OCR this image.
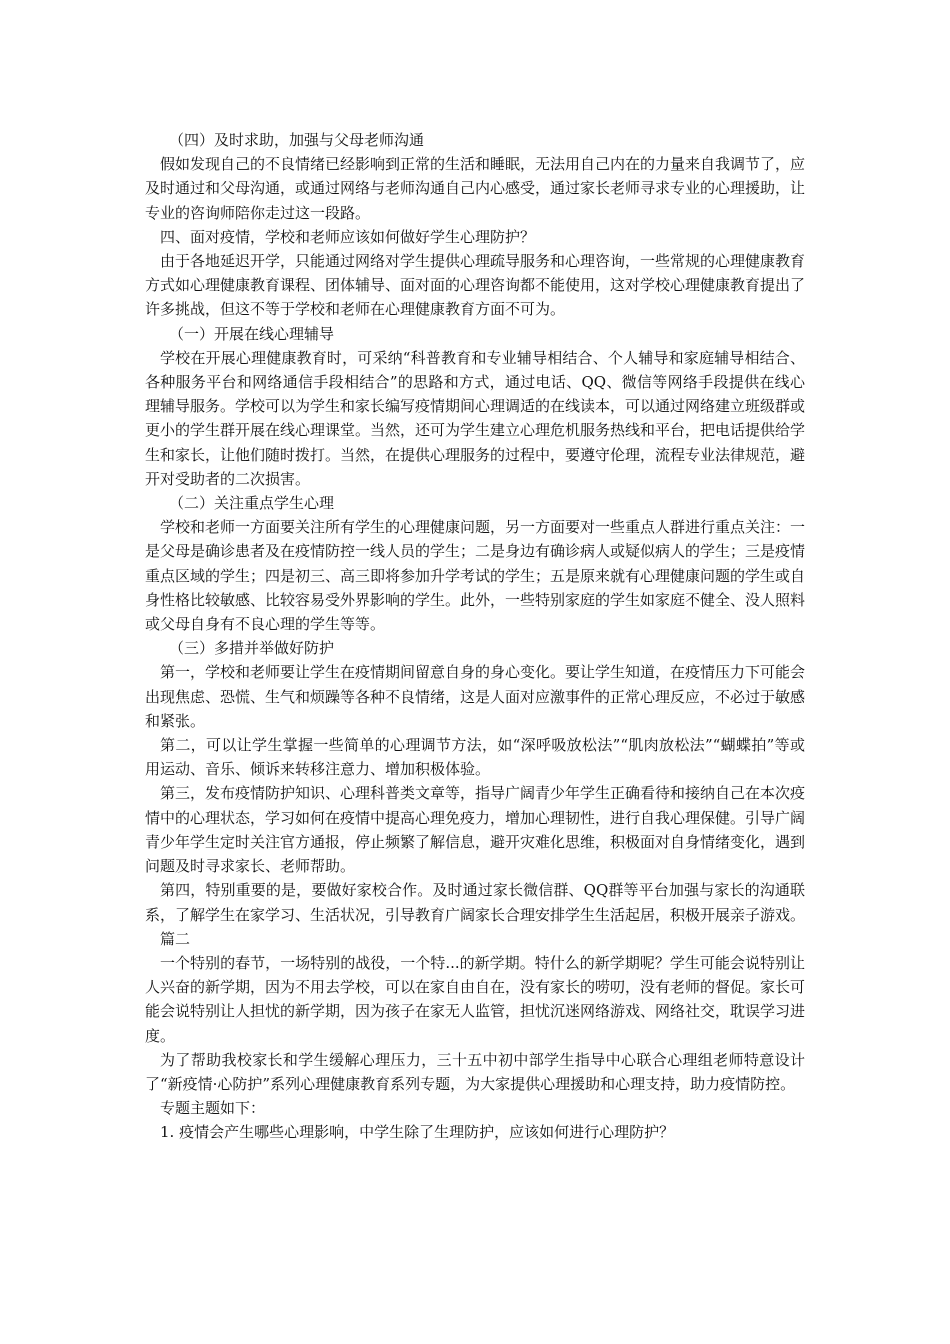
（四）及时求助，加强与父母老师沟通

假如发现自己的不良情绪已经影响到正常的生活和睡眠，无法用自己内在的力量来自我调节了，应及时通过和父母沟通，或通过网络与老师沟通自己内心感受，通过家长老师寻求专业的心理援助，让专业的咨询师陪你走过这一段路。

四、面对疫情，学校和老师应该如何做好学生心理防护？

由于各地延迟开学，只能通过网络对学生提供心理疏导服务和心理咨询，一些常规的心理健康教育方式如心理健康教育课程、团体辅导、面对面的心理咨询都不能使用，这对学校心理健康教育提出了许多挑战，但这不等于学校和老师在心理健康教育方面不可为。

（一）开展在线心理辅导

学校在开展心理健康教育时，可采纳“科普教育和专业辅导相结合、个人辅导和家庭辅导相结合、各种服务平台和网络通信手段相结合”的思路和方式，通过电话、QQ、微信等网络手段提供在线心理辅导服务。学校可以为学生和家长编写疫情期间心理调适的在线读本，可以通过网络建立班级群或更小的学生群开展在线心理课堂。当然，还可为学生建立心理危机服务热线和平台，把电话提供给学生和家长，让他们随时拨打。当然，在提供心理服务的过程中，要遵守伦理，流程专业法律规范，避开对受助者的二次损害。

（二）关注重点学生心理

学校和老师一方面要关注所有学生的心理健康问题，另一方面要对一些重点人群进行重点关注：一是父母是确诊患者及在疫情防控一线人员的学生；二是身边有确诊病人或疑似病人的学生；三是疫情重点区域的学生；四是初三、高三即将参加升学考试的学生；五是原来就有心理健康问题的学生或自身性格比较敏感、比较容易受外界影响的学生。此外，一些特别家庭的学生如家庭不健全、没人照料或父母自身有不良心理的学生等等。

（三）多措并举做好防护

第一，学校和老师要让学生在疫情期间留意自身的身心变化。要让学生知道，在疫情压力下可能会出现焦虑、恐慌、生气和烦躁等各种不良情绪，这是人面对应激事件的正常心理反应，不必过于敏感和紧张。

第二，可以让学生掌握一些简单的心理调节方法，如“深呼吸放松法”“肌肉放松法”“蝴蝶拍”等或用运动、音乐、倾诉来转移注意力、增加积极体验。

第三，发布疫情防护知识、心理科普类文章等，指导广阔青少年学生正确看待和接纳自己在本次疫情中的心理状态，学习如何在疫情中提高心理免疫力，增加心理韧性，进行自我心理保健。引导广阔青少年学生定时关注官方通报，停止频繁了解信息，避开灾难化思维，积极面对自身情绪变化，遇到问题及时寻求家长、老师帮助。

第四，特别重要的是，要做好家校合作。及时通过家长微信群、QQ群等平台加强与家长的沟通联系，了解学生在家学习、生活状况，引导教育广阔家长合理安排学生生活起居，积极开展亲子游戏。

篇二

一个特别的春节，一场特别的战役，一个特...的新学期。特什么的新学期呢？学生可能会说特别让人兴奋的新学期，因为不用去学校，可以在家自由自在，没有家长的唠叨，没有老师的督促。家长可能会说特别让人担忧的新学期，因为孩子在家无人监管，担忧沉迷网络游戏、网络社交，耽误学习进度。

为了帮助我校家长和学生缓解心理压力，三十五中初中部学生指导中心联合心理组老师特意设计了“新疫情·心防护”系列心理健康教育系列专题，为大家提供心理援助和心理支持，助力疫情防控。

专题主题如下：

1. 疫情会产生哪些心理影响，中学生除了生理防护，应该如何进行心理防护？
